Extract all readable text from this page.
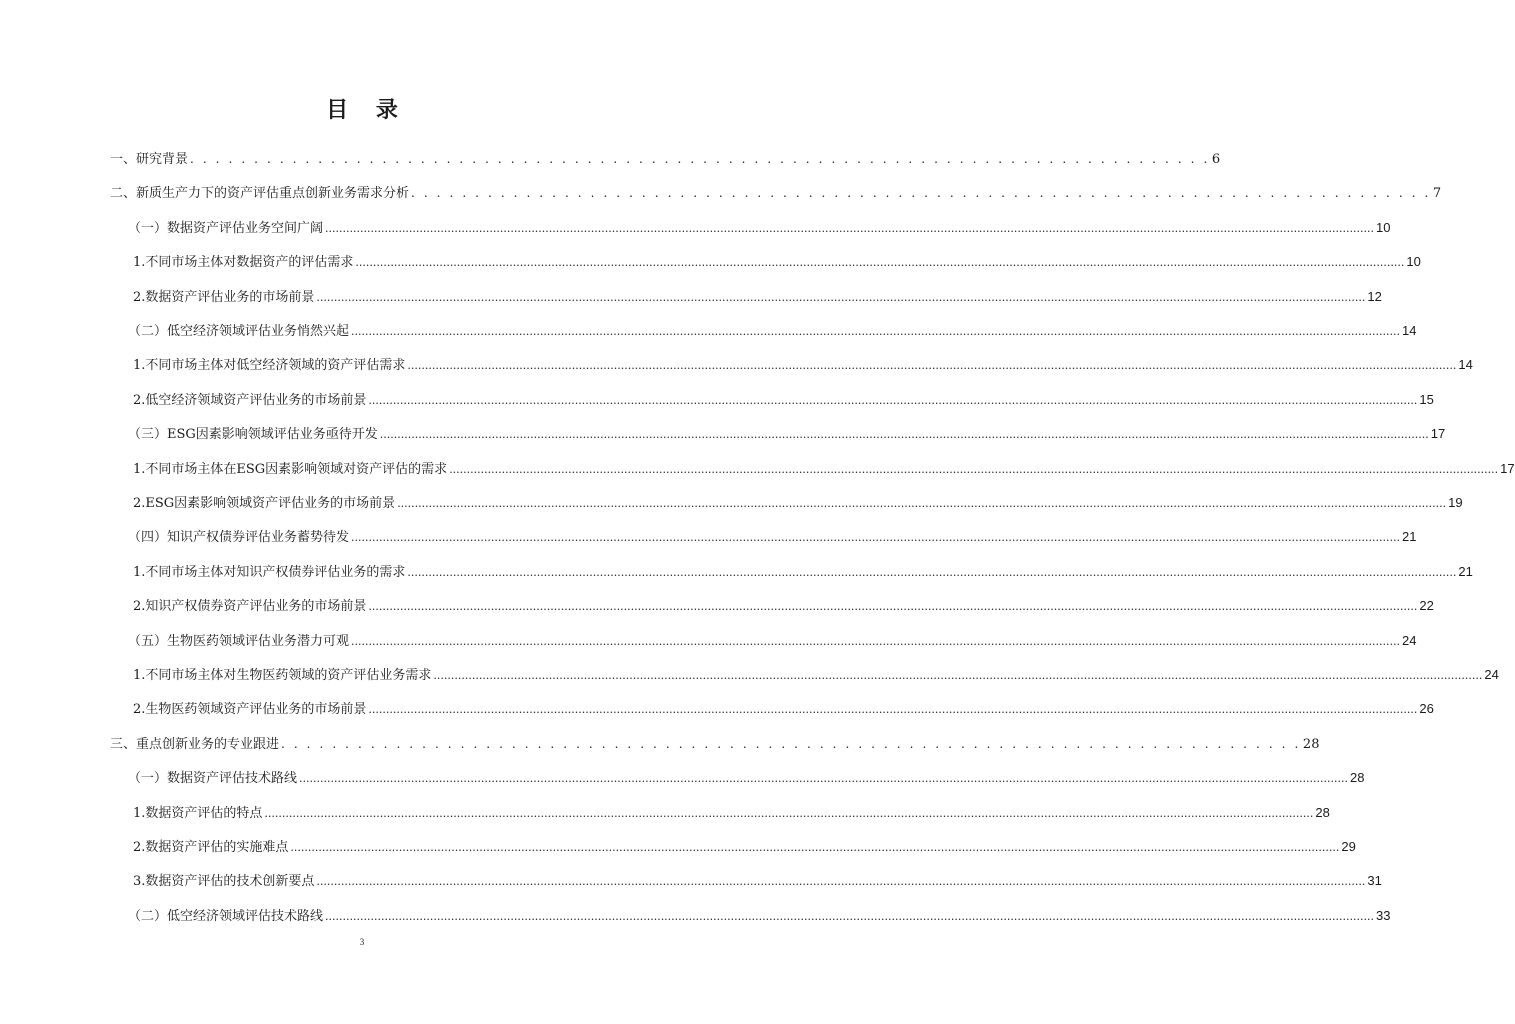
目 录
一、研究背景 . . . . . . . . . . . . . . . . . . . . . . . . . . . . . . . . . . . . . . . . . . . . . . . . . . . . . . . . . . . . . . . . . . . . . . . . . . . . . . . . 6
二、新质生产力下的资产评估重点创新业务需求分析 . . . . . . . . . . . . . . . . . . . . . . . . . . . . . . . . . . . . . . . . . . . . . . . . . . . . . . . . . . . . . . . . . . . . . . . . . . . . . . . . 7
（一）数据资产评估业务空间广阔 ............................................................................................................................................................................................................................................................................................................ 10
1.不同市场主体对数据资产的评估需求 ............................................................................................................................................................................................................................................................................................................ 10
2.数据资产评估业务的市场前景 ............................................................................................................................................................................................................................................................................................................ 12
（二）低空经济领域评估业务悄然兴起 ............................................................................................................................................................................................................................................................................................................ 14
1.不同市场主体对低空经济领域的资产评估需求 ............................................................................................................................................................................................................................................................................................................ 14
2.低空经济领域资产评估业务的市场前景 ............................................................................................................................................................................................................................................................................................................ 15
（三）ESG因素影响领域评估业务亟待开发 ............................................................................................................................................................................................................................................................................................................ 17
1.不同市场主体在ESG因素影响领域对资产评估的需求 ............................................................................................................................................................................................................................................................................................................ 17
2.ESG因素影响领域资产评估业务的市场前景 ............................................................................................................................................................................................................................................................................................................ 19
（四）知识产权债券评估业务蓄势待发 ............................................................................................................................................................................................................................................................................................................ 21
1.不同市场主体对知识产权债券评估业务的需求 ............................................................................................................................................................................................................................................................................................................ 21
2.知识产权债券资产评估业务的市场前景 ............................................................................................................................................................................................................................................................................................................ 22
（五）生物医药领域评估业务潜力可观 ............................................................................................................................................................................................................................................................................................................ 24
1.不同市场主体对生物医药领域的资产评估业务需求 ............................................................................................................................................................................................................................................................................................................ 24
2.生物医药领域资产评估业务的市场前景 ............................................................................................................................................................................................................................................................................................................ 26
三、重点创新业务的专业跟进 . . . . . . . . . . . . . . . . . . . . . . . . . . . . . . . . . . . . . . . . . . . . . . . . . . . . . . . . . . . . . . . . . . . . . . . . . . . . . . . . 28
（一）数据资产评估技术路线 ............................................................................................................................................................................................................................................................................................................ 28
1.数据资产评估的特点 ............................................................................................................................................................................................................................................................................................................ 28
2.数据资产评估的实施难点 ............................................................................................................................................................................................................................................................................................................ 29
3.数据资产评估的技术创新要点 ............................................................................................................................................................................................................................................................................................................ 31
（二）低空经济领域评估技术路线 ............................................................................................................................................................................................................................................................................................................ 33
3
